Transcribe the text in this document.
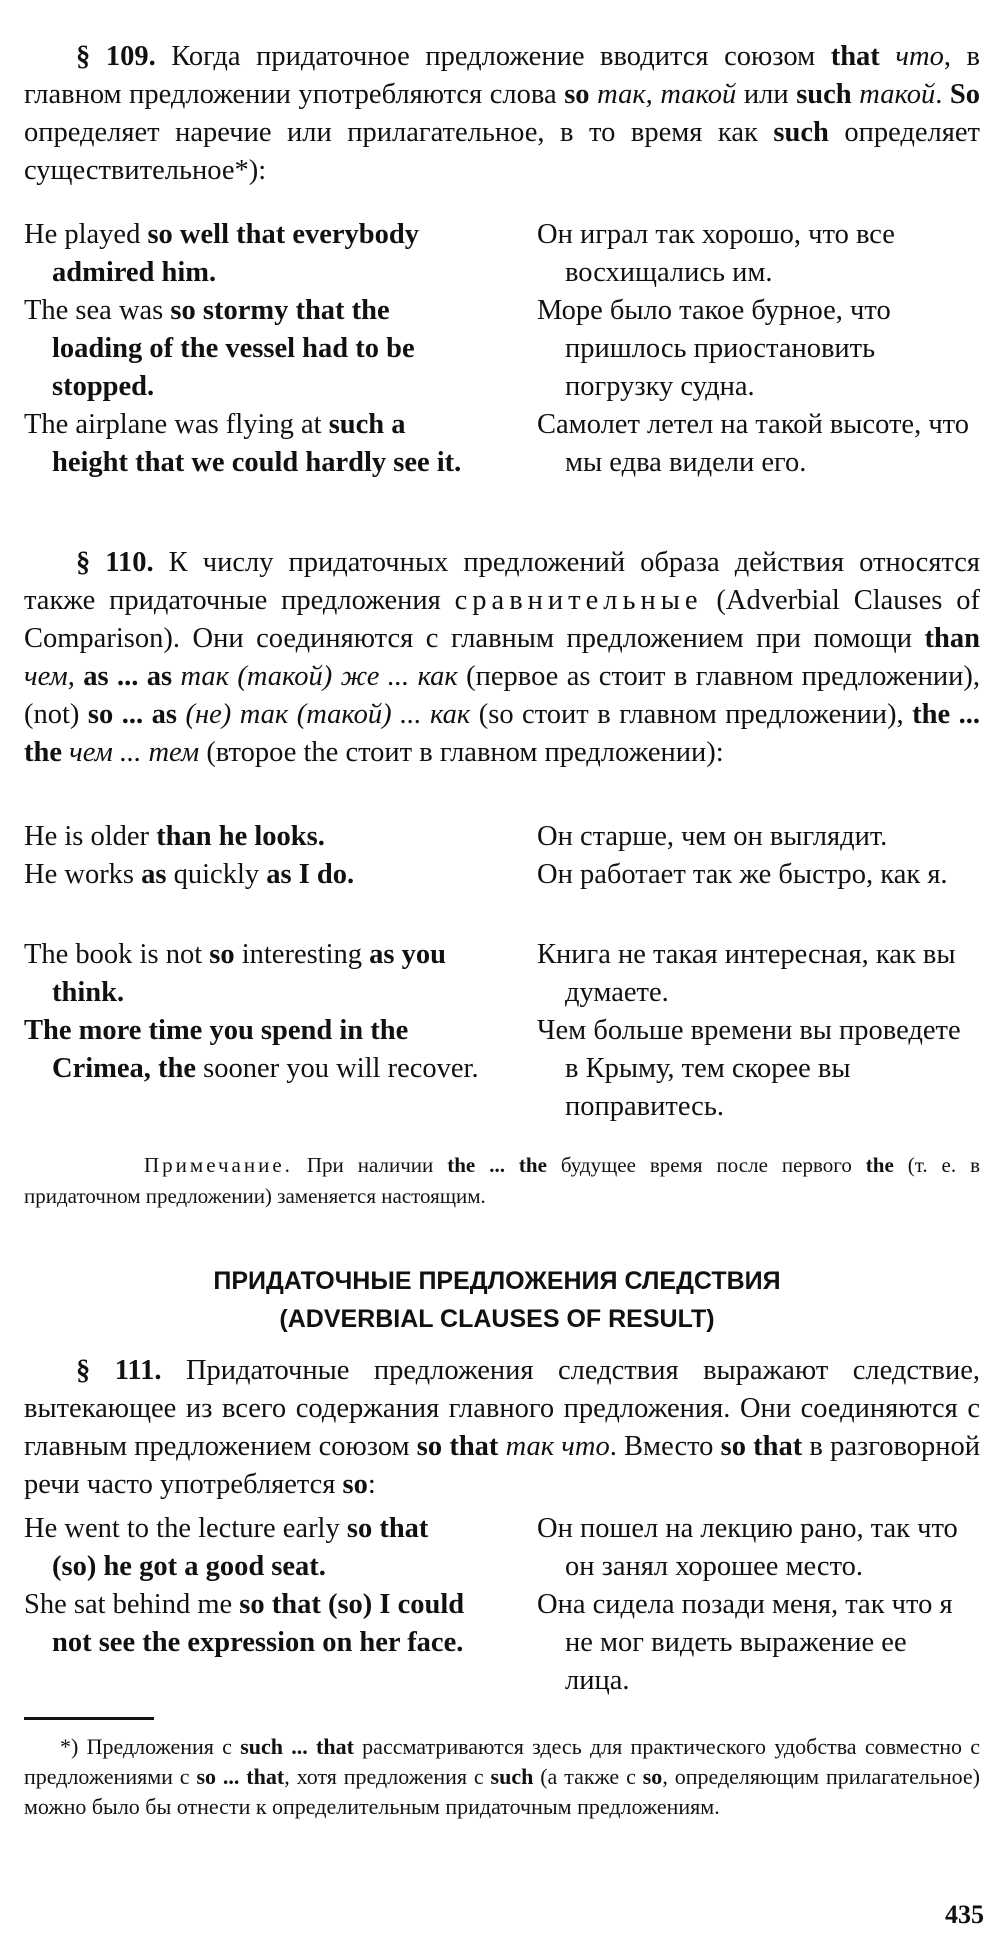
§ 109. Когда придаточное предложение вводится союзом that что, в главном предложении употребляются слова so так, такой или such такой. So определяет наречие или прилагательное, в то время как such определяет существительное*):
He played so well that everybody admired him.
Он играл так хорошо, что все восхищались им.
The sea was so stormy that the loading of the vessel had to be stopped.
Море было такое бурное, что пришлось приостановить погрузку судна.
The airplane was flying at such a height that we could hardly see it.
Самолет летел на такой высоте, что мы едва видели его.
§ 110. К числу придаточных предложений образа действия относятся также придаточные предложения сравнительные (Adverbial Clauses of Comparison). Они соединяются с главным предложением при помощи than чем, as ... as так (такой) же ... как (первое as стоит в главном предложении), (not) so ... as (не) так (такой) ... как (so стоит в главном предложении), the ... the чем ... тем (второе the стоит в главном предложении):
He is older than he looks.	Он старше, чем он выглядит.
He works as quickly as I do.	Он работает так же быстро, как я.
The book is not so interesting as you think.
Книга не такая интересная, как вы думаете.
The more time you spend in the Crimea, the sooner you will recover.
Чем больше времени вы проведете в Крыму, тем скорее вы поправитесь.
Примечание. При наличии the ... the будущее время после первого the (т. е. в придаточном предложении) заменяется настоящим.
ПРИДАТОЧНЫЕ ПРЕДЛОЖЕНИЯ СЛЕДСТВИЯ
(ADVERBIAL CLAUSES OF RESULT)
§ 111. Придаточные предложения следствия выражают следствие, вытекающее из всего содержания главного предложения. Они соединяются с главным предложением союзом so that так что. Вместо so that в разговорной речи часто употребляется so:
He went to the lecture early so that (so) he got a good seat.
Он пошел на лекцию рано, так что он занял хорошее место.
She sat behind me so that (so) I could not see the expression on her face.
Она сидела позади меня, так что я не мог видеть выражение ее лица.
*) Предложения с such ... that рассматриваются здесь для практического удобства совместно с предложениями с so ... that, хотя предложения с such (а также с so, определяющим прилагательное) можно было бы отнести к определительным придаточным предложениям.
435
